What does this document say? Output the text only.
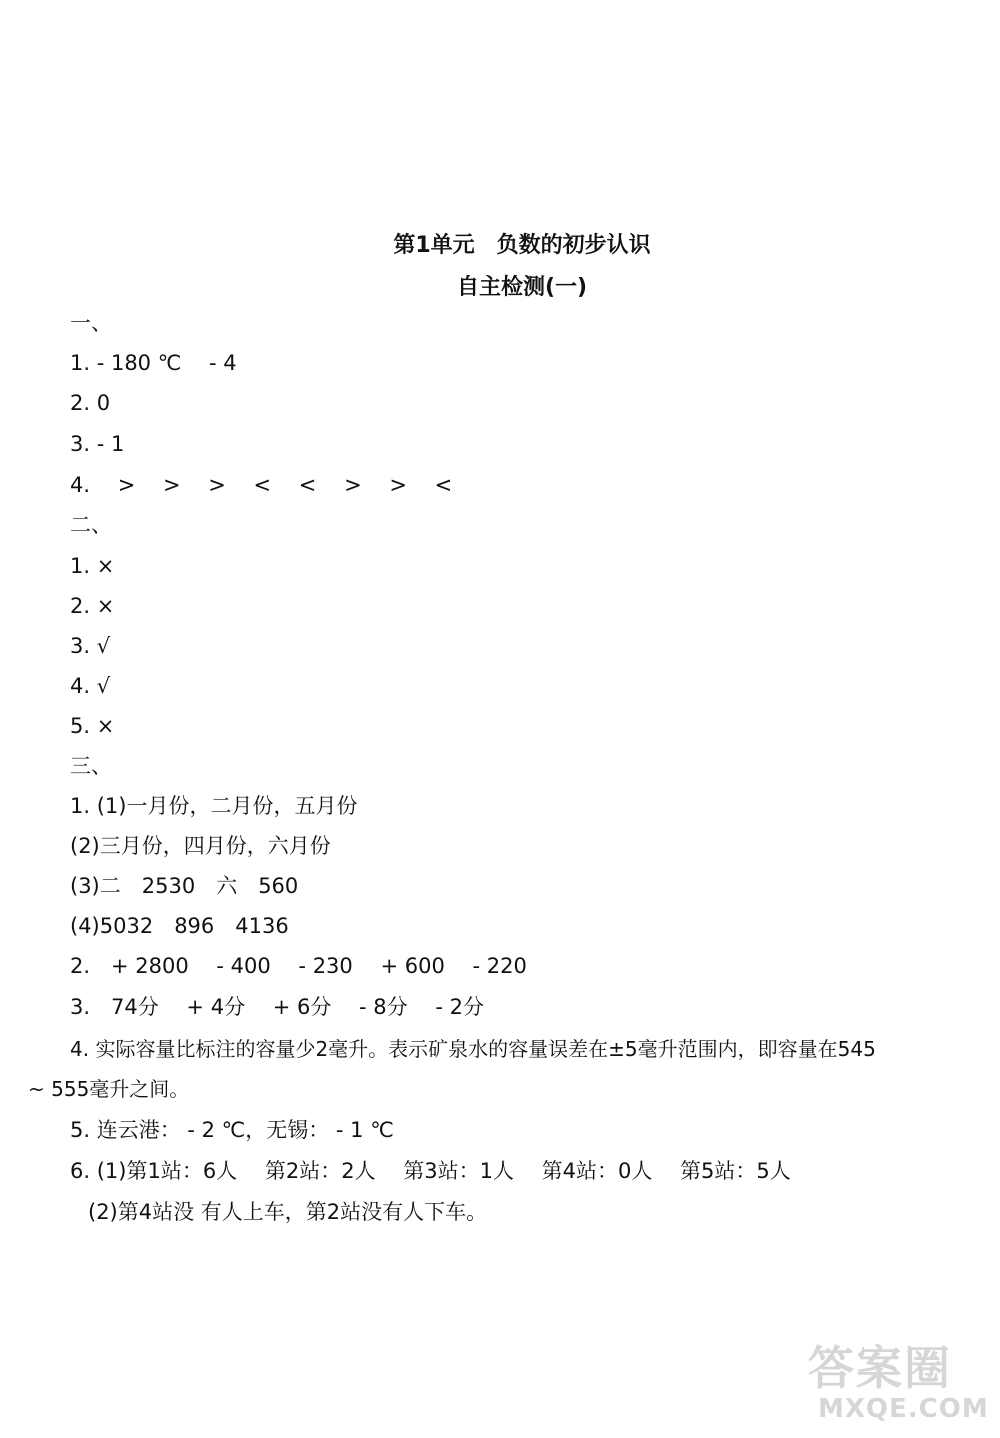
第1单元　负数的初步认识
自主检测(一)
一、
1. - 180 ℃　 - 4
2. 0
3. - 1
4.　 >　 >　 >　 <　 <　 >　 >　 <
二、
1. ×
2. ×
3. √
4. √
5. ×
三、
1. (1)一月份，二月份，五月份
(2)三月份，四月份，六月份
(3)二　2530　六　560
(4)5032　896　4136
2.　+ 2800　 - 400　 - 230　 + 600　 - 220
3.　74分　 + 4分　 + 6分　 - 8分　 - 2分
4. 实际容量比标注的容量少2毫升。表示矿泉水的容量误差在±5毫升范围内，即容量在545
~ 555毫升之间。
5. 连云港： - 2 ℃，无锡： - 1 ℃
6. (1)第1站：6人　 第2站：2人　 第3站：1人　 第4站：0人　 第5站：5人
(2)第4站没 有人上车，第2站没有人下车。
答案圈
MXQE.COM
